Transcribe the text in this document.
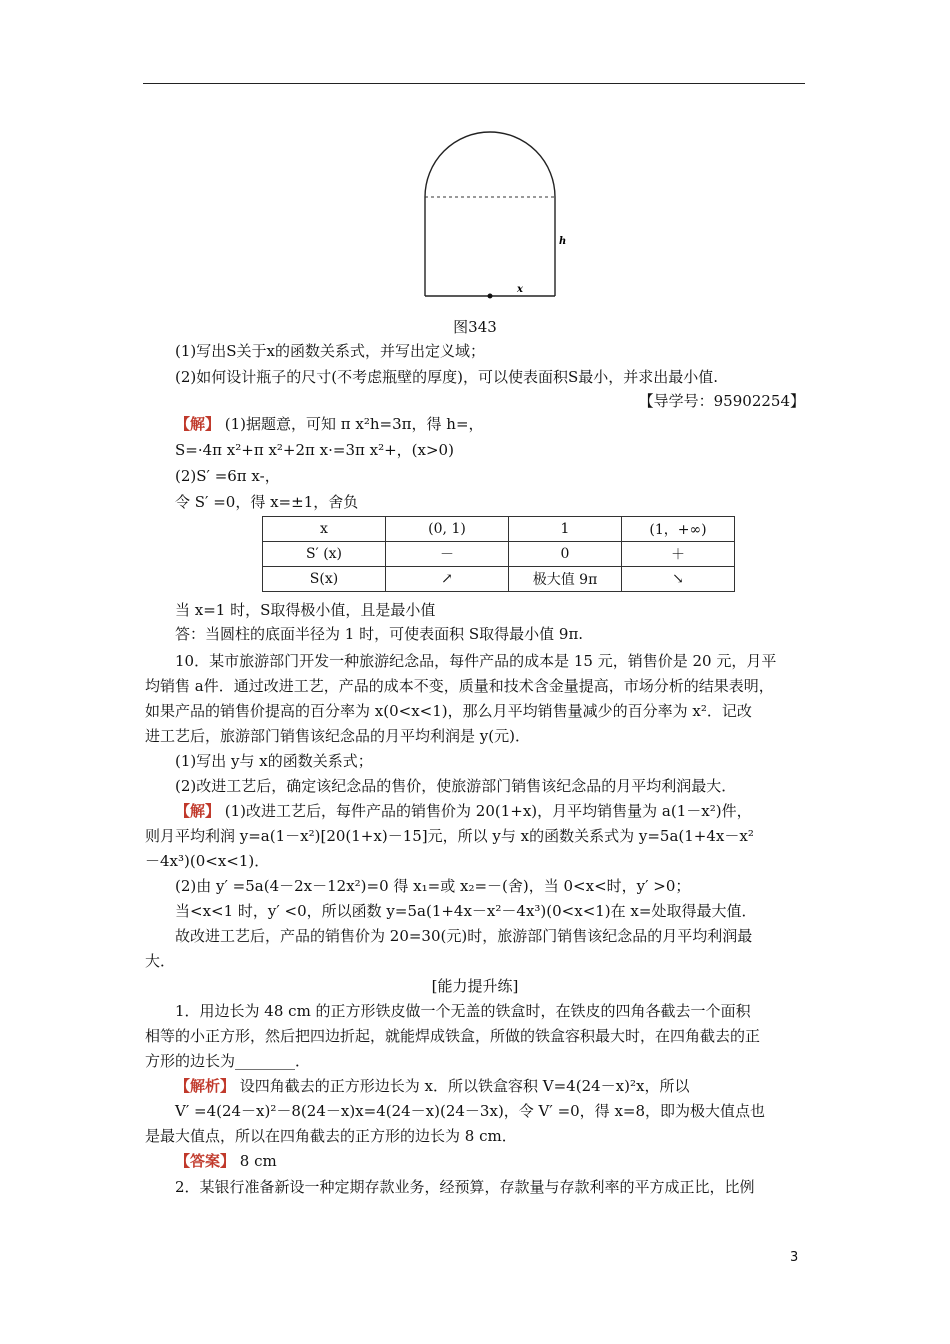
h
x
图343
(1)写出S关于x的函数关系式，并写出定义域；
(2)如何设计瓶子的尺寸(不考虑瓶壁的厚度)，可以使表面积S最小，并求出最小值.
【导学号：95902254】
【解】 (1)据题意，可知 π x²h=3π，得 h=，
S=·4π x²+π x²+2π x·=3π x²+，(x>0)
(2)S′ =6π x-，
令 S′ =0，得 x=±1，舍负
x	(0, 1)	1	(1，+∞)
S′ (x)	－	0	＋
S(x)	↗	极大值 9π	↘
当 x=1 时，S取得极小值，且是最小值
答：当圆柱的底面半径为 1 时，可使表面积 S取得最小值 9π.
10．某市旅游部门开发一种旅游纪念品，每件产品的成本是 15 元，销售价是 20 元，月平
均销售 a件．通过改进工艺，产品的成本不变，质量和技术含金量提高，市场分析的结果表明，
如果产品的销售价提高的百分率为 x(0<x<1)，那么月平均销售量减少的百分率为 x²．记改
进工艺后，旅游部门销售该纪念品的月平均利润是 y(元)．
(1)写出 y与 x的函数关系式；
(2)改进工艺后，确定该纪念品的售价，使旅游部门销售该纪念品的月平均利润最大．
【解】 (1)改进工艺后，每件产品的销售价为 20(1+x)，月平均销售量为 a(1－x²)件，
则月平均利润 y=a(1－x²)[20(1+x)－15]元，所以 y与 x的函数关系式为 y=5a(1+4x－x²
－4x³)(0<x<1)．
(2)由 y′ =5a(4－2x－12x²)=0 得 x₁=或 x₂=－(舍)，当 0<x<时，y′ >0；
当<x<1 时，y′ <0，所以函数 y=5a(1+4x－x²－4x³)(0<x<1)在 x=处取得最大值．
故改进工艺后，产品的销售价为 20=30(元)时，旅游部门销售该纪念品的月平均利润最
大．
[能力提升练]
1．用边长为 48 cm 的正方形铁皮做一个无盖的铁盒时，在铁皮的四角各截去一个面积
相等的小正方形，然后把四边折起，就能焊成铁盒，所做的铁盒容积最大时，在四角截去的正
方形的边长为________．
【解析】 设四角截去的正方形边长为 x．所以铁盒容积 V=4(24－x)²x，所以
V′ =4(24－x)²－8(24－x)x=4(24－x)(24－3x)，令 V′ =0，得 x=8，即为极大值点也
是最大值点，所以在四角截去的正方形的边长为 8 cm．
【答案】 8 cm
2．某银行准备新设一种定期存款业务，经预算，存款量与存款利率的平方成正比，比例
3
